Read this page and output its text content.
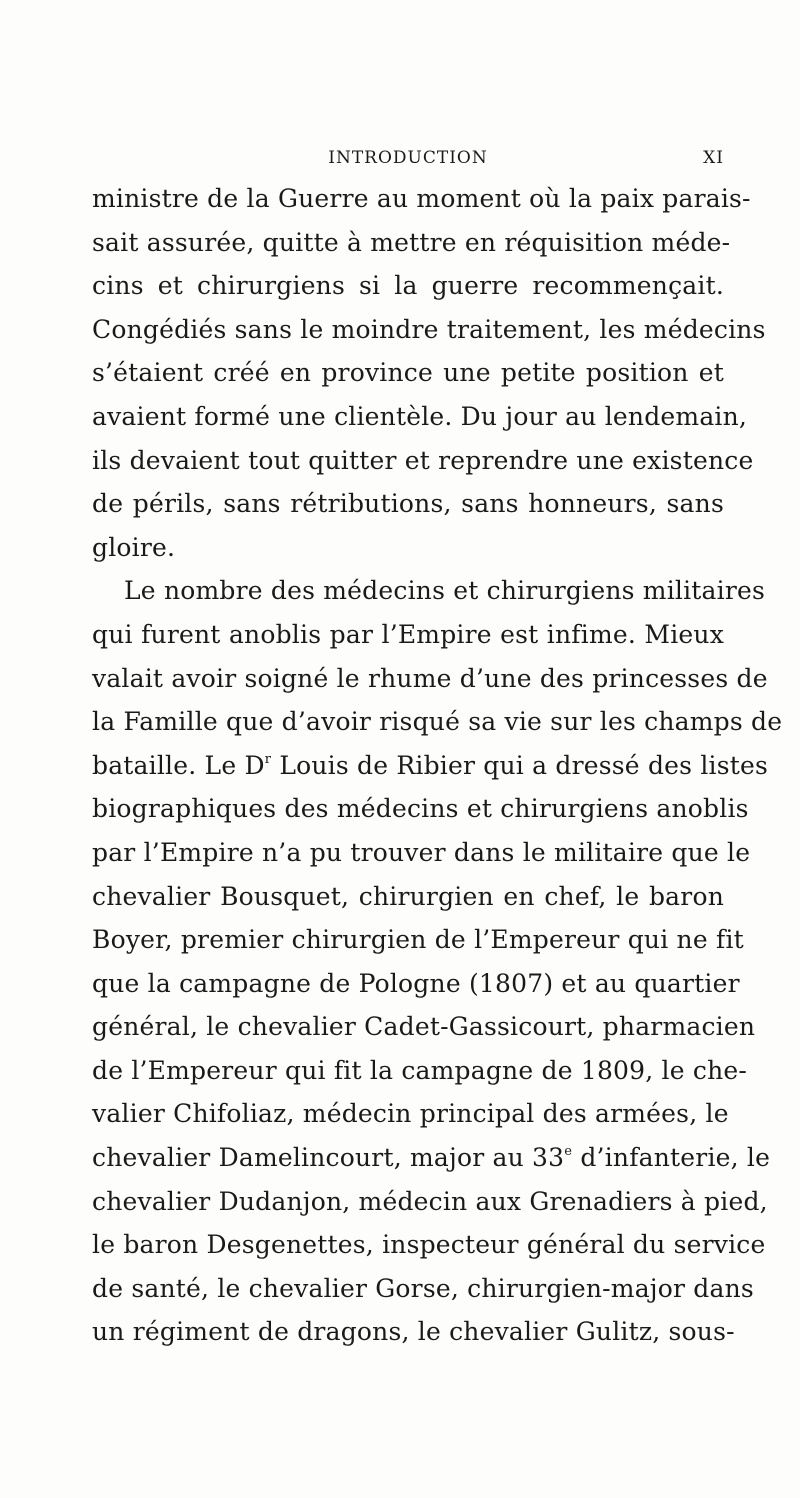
INTRODUCTION	XI
ministre de la Guerre au moment où la paix parais-
sait assurée, quitte à mettre en réquisition méde-
cins et chirurgiens si la guerre recommençait.
Congédiés sans le moindre traitement, les médecins
s’étaient créé en province une petite position et
avaient formé une clientèle. Du jour au lendemain,
ils devaient tout quitter et reprendre une existence
de périls, sans rétributions, sans honneurs, sans
gloire.
Le nombre des médecins et chirurgiens militaires
qui furent anoblis par l’Empire est infime. Mieux
valait avoir soigné le rhume d’une des princesses de
la Famille que d’avoir risqué sa vie sur les champs de
bataille. Le $D^r$ Louis de Ribier qui a dressé des listes
biographiques des médecins et chirurgiens anoblis
par l’Empire n’a pu trouver dans le militaire que le
chevalier Bousquet, chirurgien en chef, le baron
Boyer, premier chirurgien de l’Empereur qui ne fit
que la campagne de Pologne (1807) et au quartier
général, le chevalier Cadet-Gassicourt, pharmacien
de l’Empereur qui fit la campagne de 1809, le che-
valier Chifoliaz, médecin principal des armées, le
chevalier Damelincourt, major au 33e d’infanterie, le
chevalier Dudanjon, médecin aux Grenadiers à pied,
le baron Desgenettes, inspecteur général du service
de santé, le chevalier Gorse, chirurgien-major dans
un régiment de dragons, le chevalier Gulitz, sous-
